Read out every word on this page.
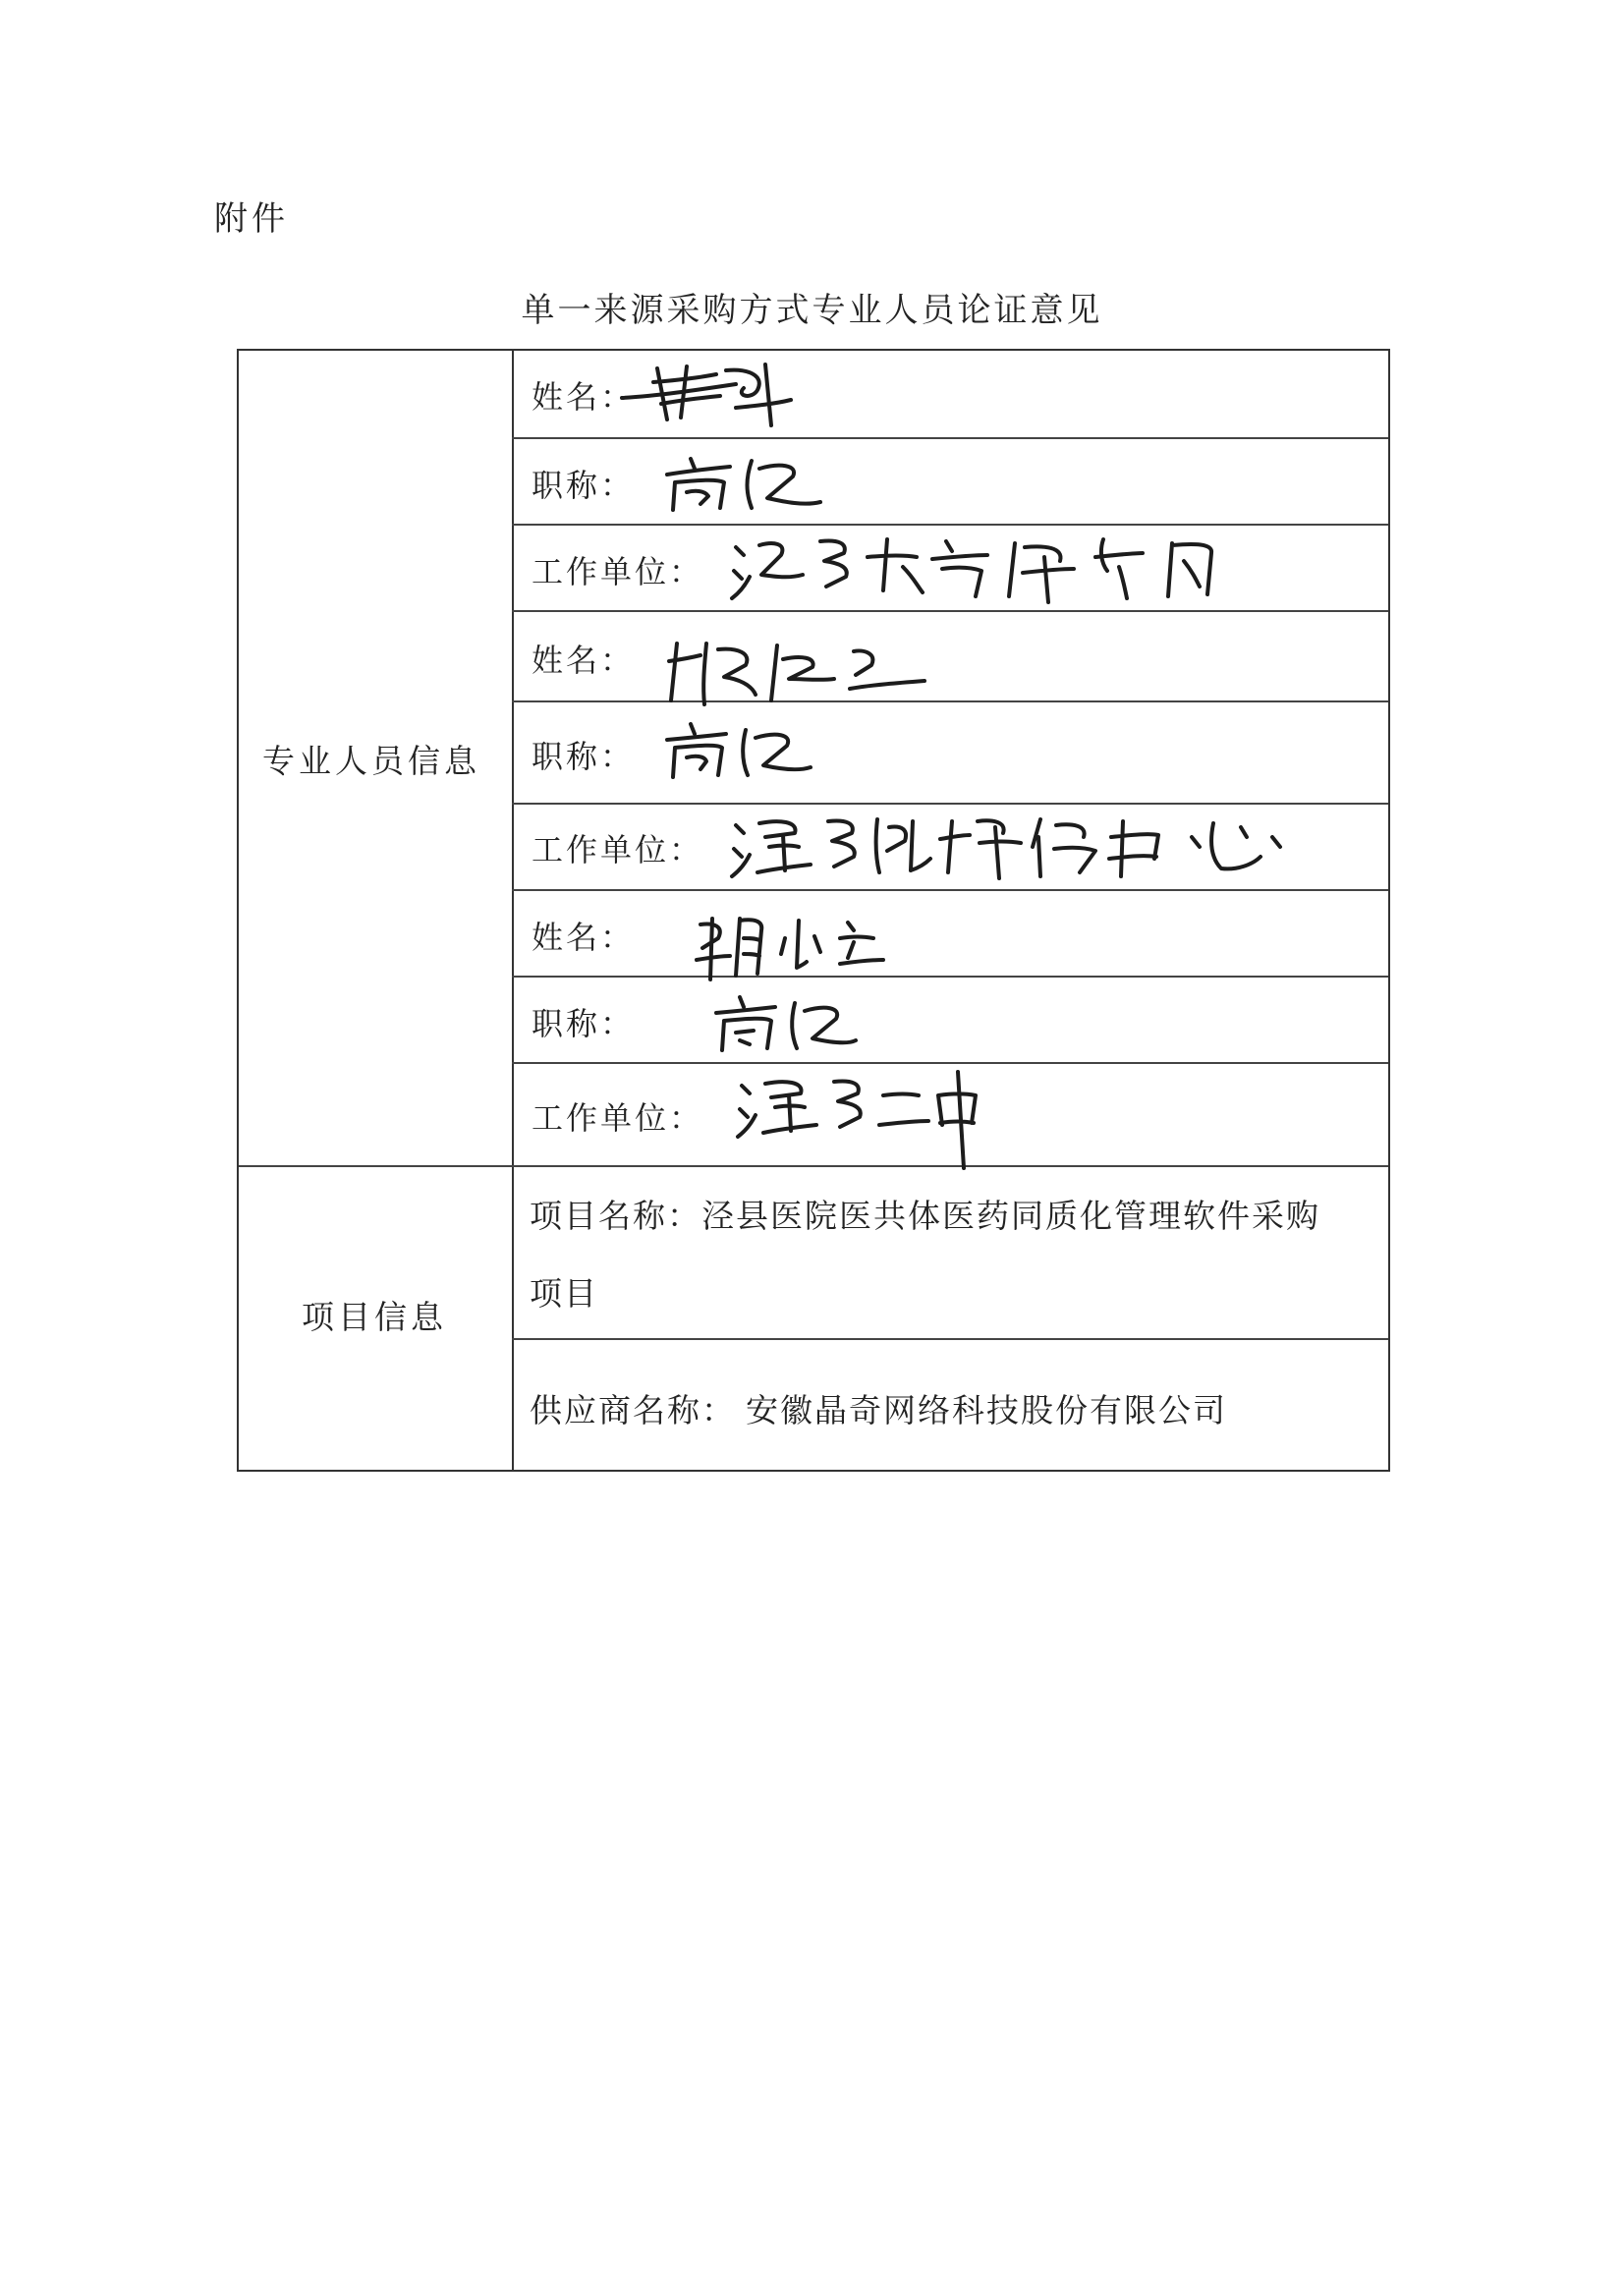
附件
单一来源采购方式专业人员论证意见
专业人员信息
项目信息
姓名：
职称：
工作单位：
姓名：
职称：
工作单位：
姓名：
职称：
工作单位：
项目名称：泾县医院医共体医药同质化管理软件采购
项目
供应商名称： 安徽晶奇网络科技股份有限公司
